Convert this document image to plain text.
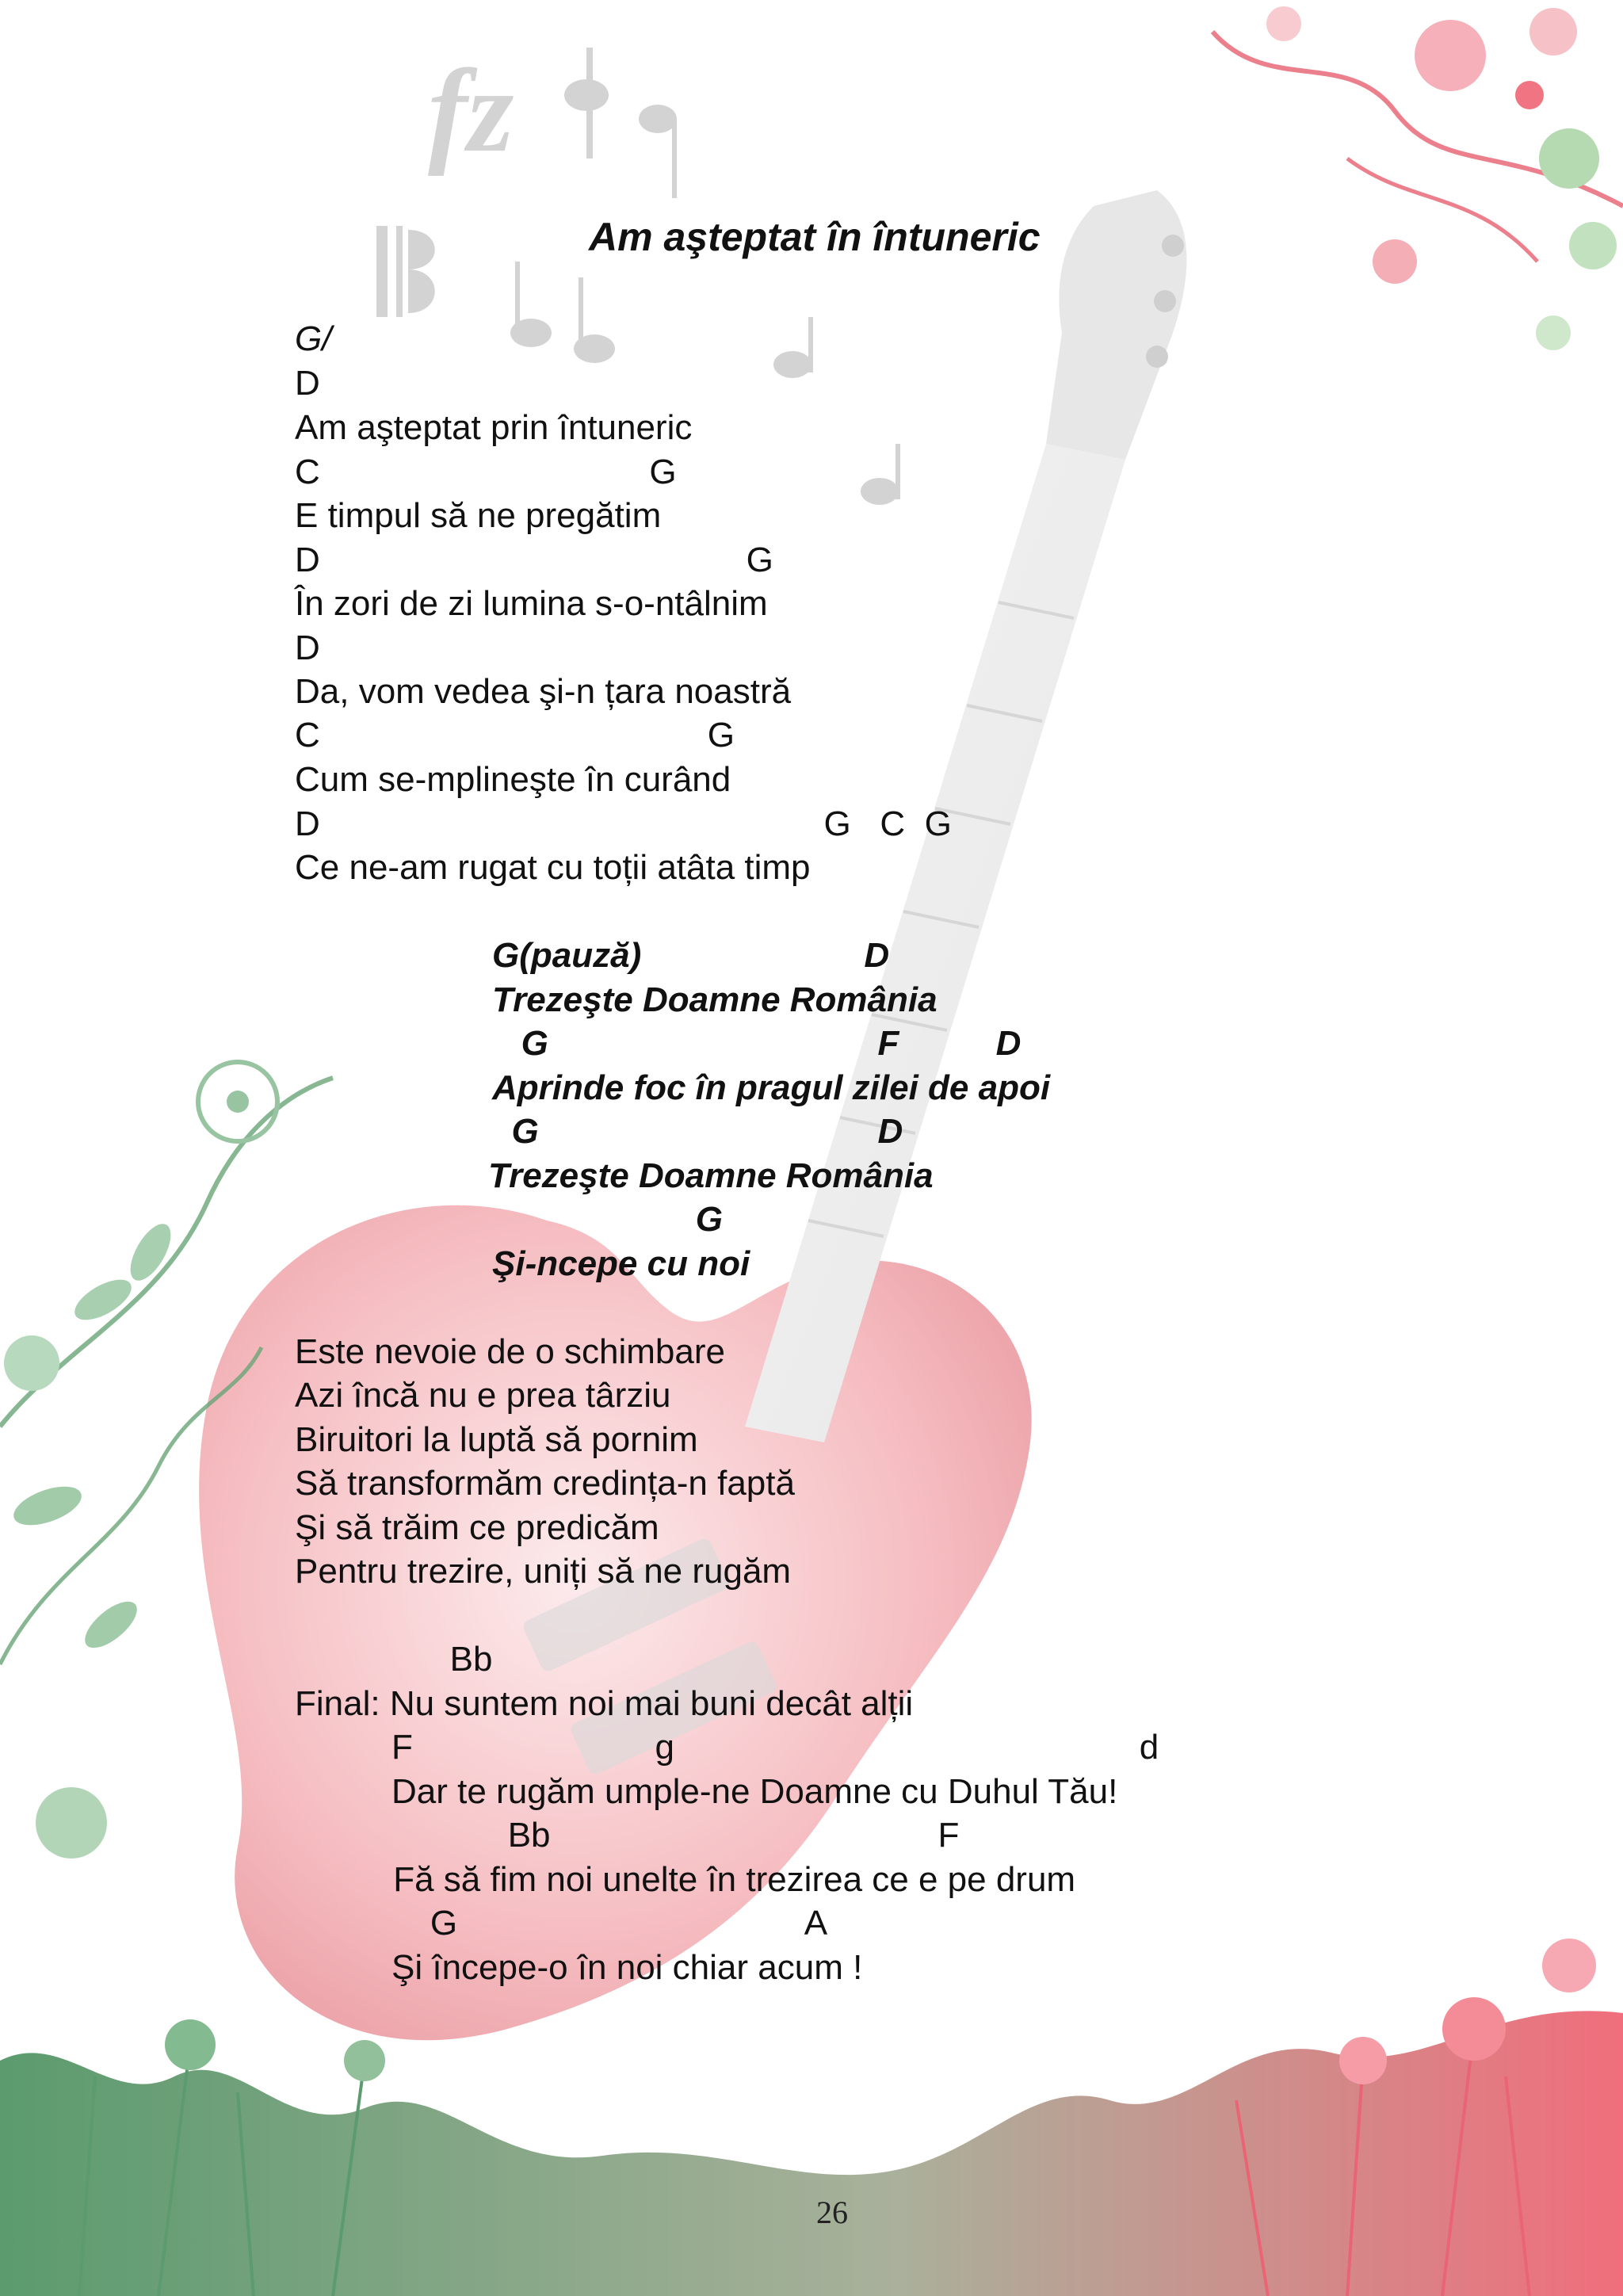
fz
Am aşteptat în întuneric
G/
D
Am aşteptat prin întuneric
C                                  G
E timpul să ne pregătim
D                                            G
În zori de zi lumina s-o-ntâlnim
D
Da, vom vedea şi-n țara noastră
C                                        G
Cum se-mplineşte în curând
D                                                    G   C  G
Ce ne-am rugat cu toții atâta timp
G(pauză)                       D
Trezeşte Doamne România
G                                  F          D
Aprinde foc în pragul zilei de apoi
G                                   D
Trezeşte Doamne România
G
Şi-ncepe cu noi
Este nevoie de o schimbare
Azi încă nu e prea târziu
Biruitori la luptă să pornim
Să transformăm credința-n faptă
Şi să trăim ce predicăm
Pentru trezire, uniți să ne rugăm
Bb
Final: Nu suntem noi mai buni decât alții
F                         g                                                d
Dar te rugăm umple-ne Doamne cu Duhul Tău!
Bb                                        F
Fă să fim noi unelte în trezirea ce e pe drum
G                                    A
Şi începe-o în noi chiar acum !
26
